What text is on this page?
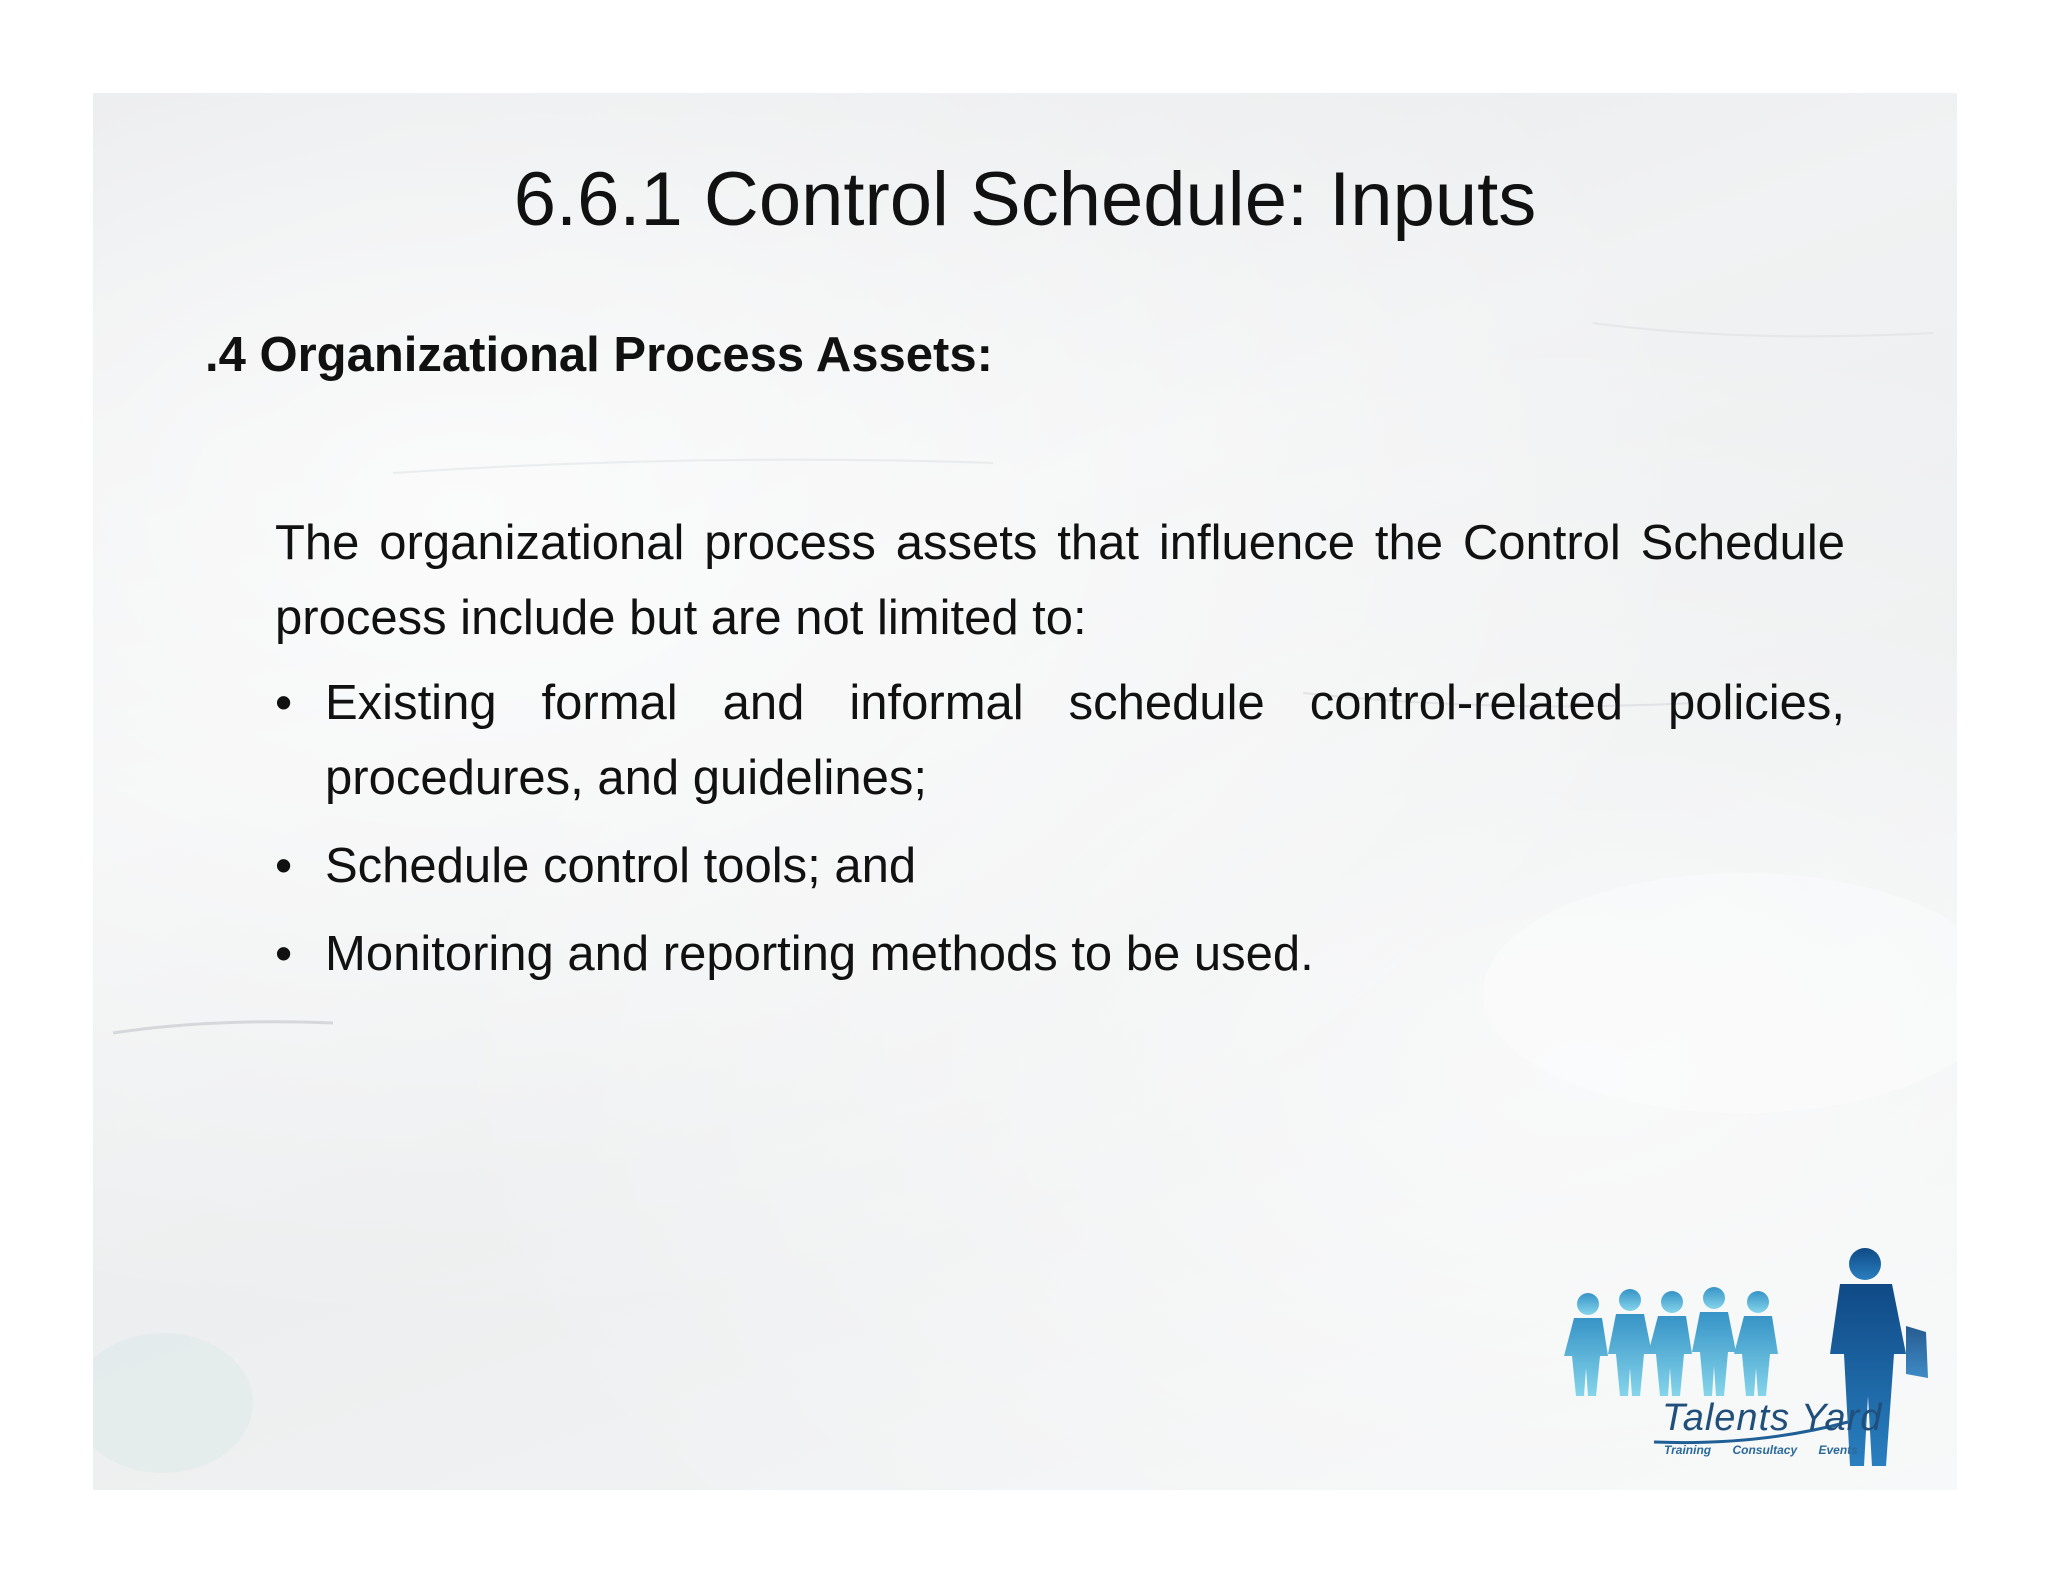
6.6.1 Control Schedule: Inputs
.4 Organizational Process Assets:

The organizational process assets that influence the Control Schedule process include but are not limited to:

• Existing formal and informal schedule control-related policies, procedures, and guidelines;
• Schedule control tools; and
• Monitoring and reporting methods to be used.
Talents Yard
Training Consultacy Events
